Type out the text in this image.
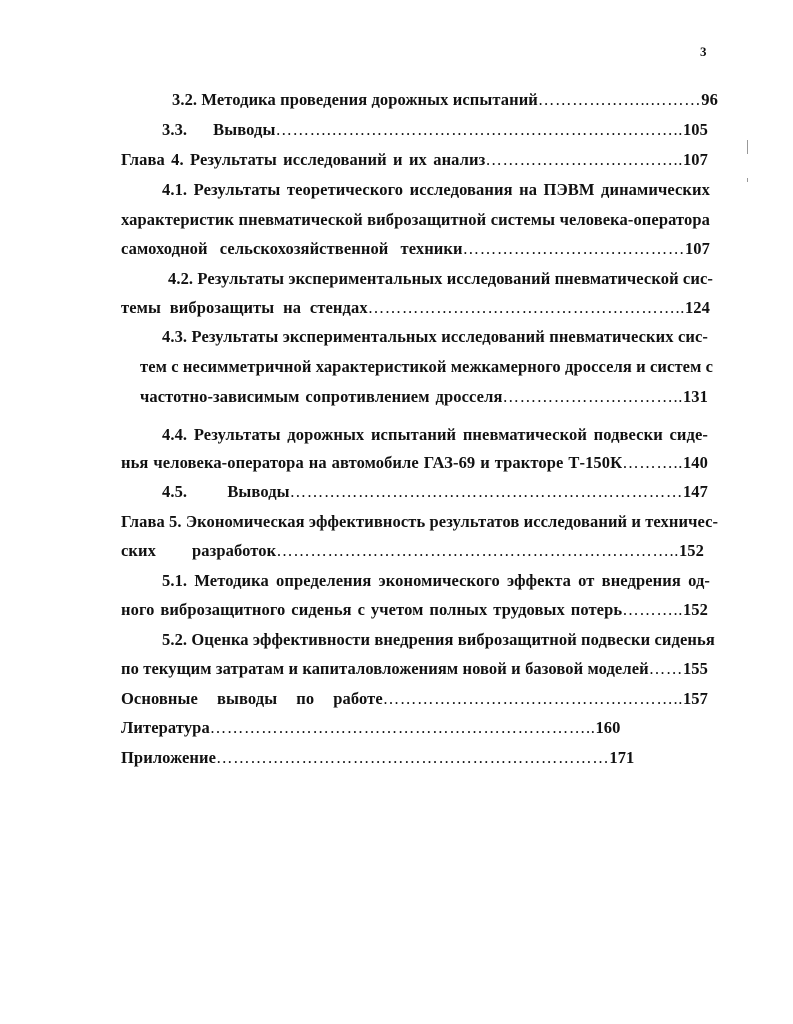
3
3.2. Методика проведения дорожных испытаний………………..………96
3.3. Выводы……….……………………………………………………..105
Глава 4. Результаты исследований и их анализ……………………………..107
4.1. Результаты теоретического исследования на ПЭВМ динамических
характеристик пневматической виброзащитной системы человека-оператора
самоходной сельскохозяйственной техники…………………………………107
4.2. Результаты экспериментальных исследований пневматической сис-
темы виброзащиты на стендах………………………………………………..124
4.3. Результаты экспериментальных исследований пневматических сис-
тем с несимметричной характеристикой межкамерного дросселя и систем с
частотно-зависимым сопротивлением дросселя…………………………..131
4.4. Результаты дорожных испытаний пневматической подвески сиде-
нья человека-оператора на автомобиле ГАЗ-69 и тракторе Т-150К………..140
4.5. Выводы……………………………………………………………147
Глава 5. Экономическая эффективность результатов исследований и техничес-
ских разработок……………………………………………………………..152
5.1. Методика определения экономического эффекта от внедрения од-
ного виброзащитного сиденья с учетом полных трудовых потерь………..152
5.2. Оценка эффективности внедрения виброзащитной подвески сиденья
по текущим затратам и капиталовложениям новой и базовой моделей……155
Основные выводы по работе……………………………………………..157
Литература…………………………………………………………..160
Приложение……………………………………………………………171
